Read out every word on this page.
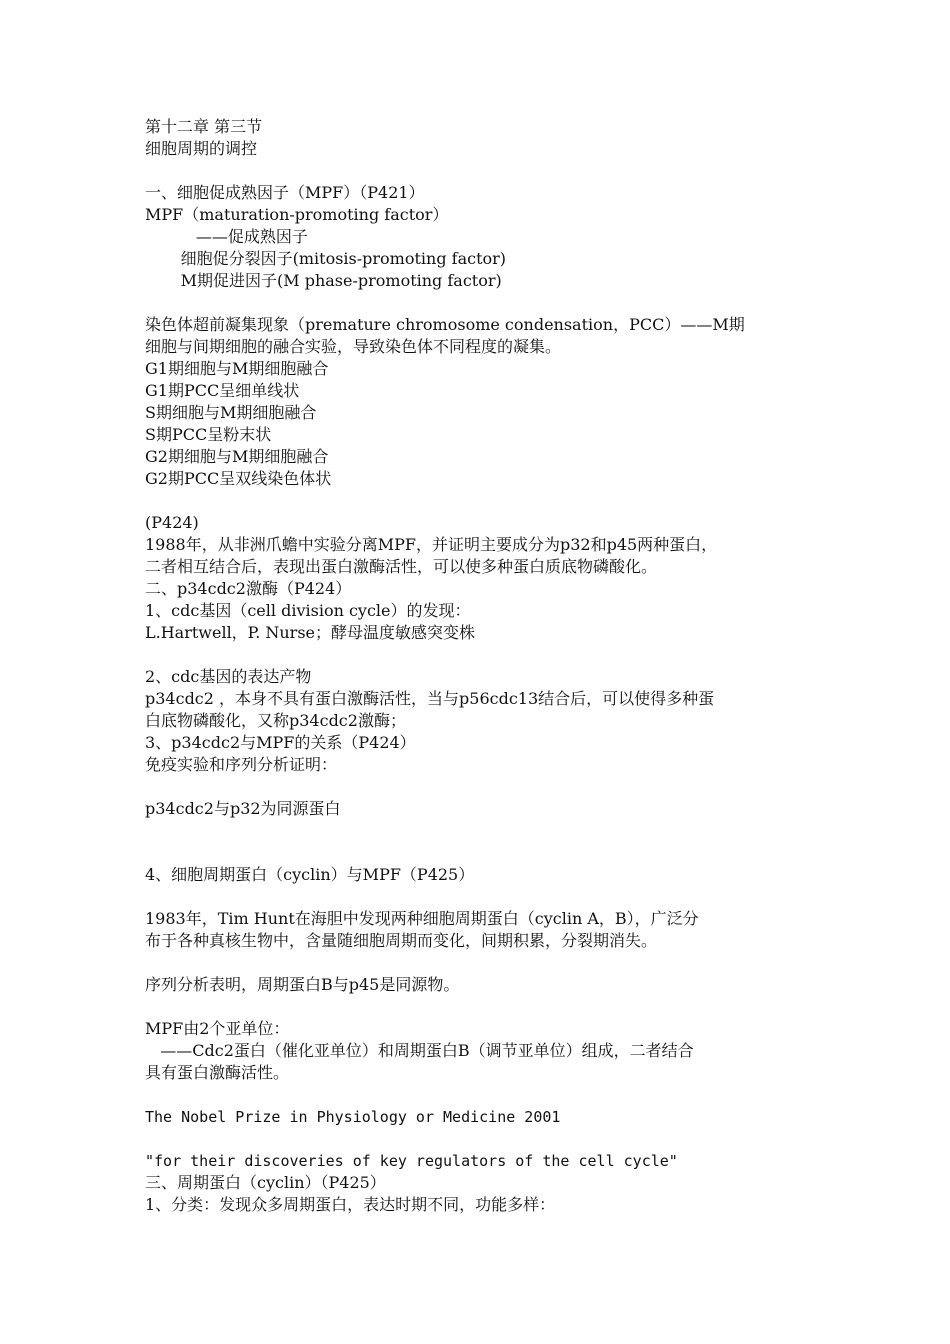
第十二章 第三节
细胞周期的调控
一、细胞促成熟因子（MPF）（P421）
MPF（maturation-promoting factor）
——促成熟因子
细胞促分裂因子(mitosis-promoting factor)
M期促进因子(M phase-promoting factor)
染色体超前凝集现象（premature chromosome condensation，PCC）——M期
细胞与间期细胞的融合实验，导致染色体不同程度的凝集。
G1期细胞与M期细胞融合
G1期PCC呈细单线状
S期细胞与M期细胞融合
S期PCC呈粉末状
G2期细胞与M期细胞融合
G2期PCC呈双线染色体状
(P424)
1988年，从非洲爪蟾中实验分离MPF，并证明主要成分为p32和p45两种蛋白，
二者相互结合后，表现出蛋白激酶活性，可以使多种蛋白质底物磷酸化。
二、p34cdc2激酶（P424）
1、cdc基因（cell division cycle）的发现：
L.Hartwell，P. Nurse；酵母温度敏感突变株
2、cdc基因的表达产物
p34cdc2 ，本身不具有蛋白激酶活性，当与p56cdc13结合后，可以使得多种蛋
白底物磷酸化，又称p34cdc2激酶；
3、p34cdc2与MPF的关系（P424）
免疫实验和序列分析证明：
p34cdc2与p32为同源蛋白
4、细胞周期蛋白（cyclin）与MPF（P425）
1983年，Tim Hunt在海胆中发现两种细胞周期蛋白（cyclin A，B），广泛分
布于各种真核生物中，含量随细胞周期而变化，间期积累，分裂期消失。
序列分析表明，周期蛋白B与p45是同源物。
MPF由2个亚单位：
——Cdc2蛋白（催化亚单位）和周期蛋白B（调节亚单位）组成，二者结合
具有蛋白激酶活性。
The Nobel Prize in Physiology or Medicine 2001
"for their discoveries of key regulators of the cell cycle"
三、周期蛋白（cyclin）（P425）
1、分类：发现众多周期蛋白，表达时期不同，功能多样：
